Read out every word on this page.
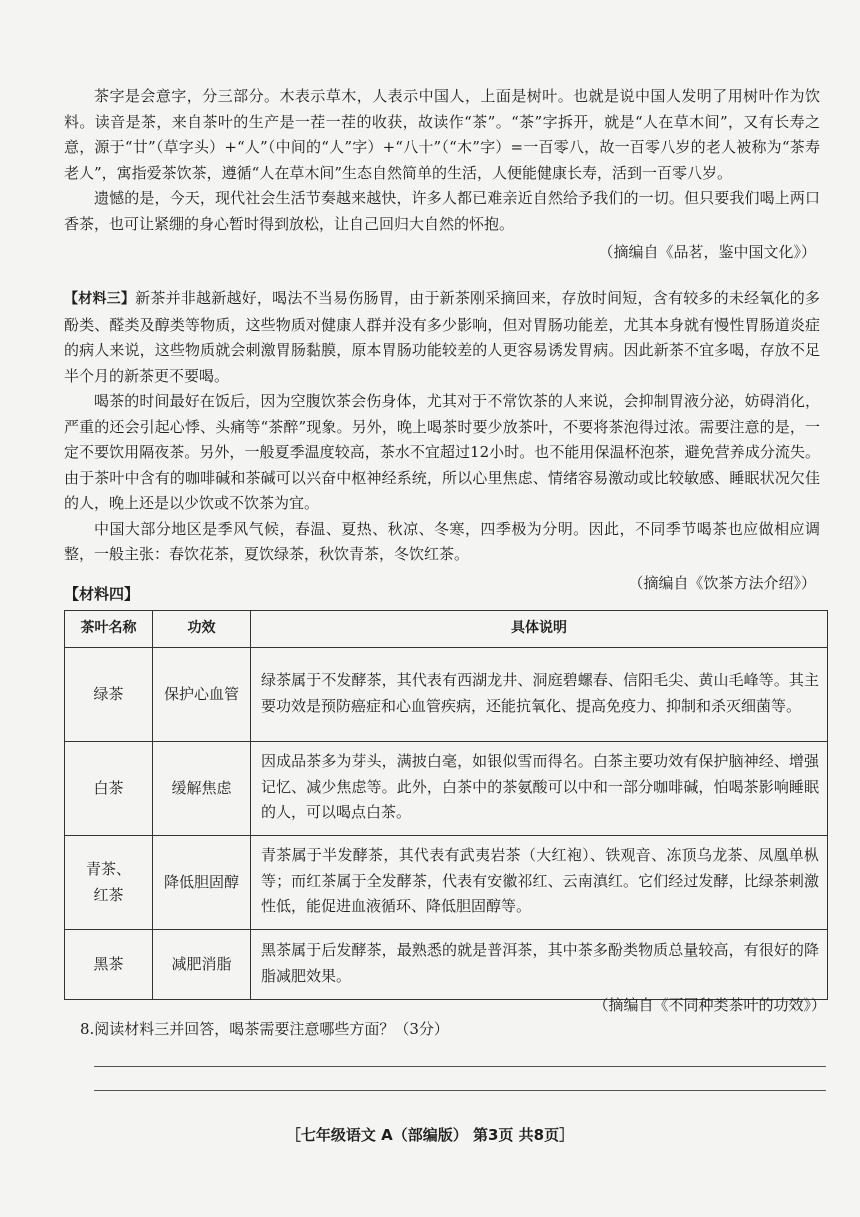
茶字是会意字，分三部分。木表示草木，人表示中国人，上面是树叶。也就是说中国人发明了用树叶作为饮料。读音是茶，来自茶叶的生产是一茬一茬的收获，故读作“茶”。“茶”字拆开，就是“人在草木间”，又有长寿之意，源于“廿”（草字头）+“人”（中间的“人”字）+“八十”（“木”字）=一百零八，故一百零八岁的老人被称为“茶寿老人”，寓指爱茶饮茶，遵循“人在草木间”生态自然简单的生活，人便能健康长寿，活到一百零八岁。

遗憾的是，今天，现代社会生活节奏越来越快，许多人都已难亲近自然给予我们的一切。但只要我们喝上两口香茶，也可让紧绷的身心暂时得到放松，让自己回归大自然的怀抱。

（摘编自《品茗，鉴中国文化》）

【材料三】新茶并非越新越好，喝法不当易伤肠胃，由于新茶刚采摘回来，存放时间短，含有较多的未经氧化的多酚类、醛类及醇类等物质，这些物质对健康人群并没有多少影响，但对胃肠功能差，尤其本身就有慢性胃肠道炎症的病人来说，这些物质就会刺激胃肠黏膜，原本胃肠功能较差的人更容易诱发胃病。因此新茶不宜多喝，存放不足半个月的新茶更不要喝。

喝茶的时间最好在饭后，因为空腹饮茶会伤身体，尤其对于不常饮茶的人来说，会抑制胃液分泌，妨碍消化，严重的还会引起心悸、头痛等“茶醉”现象。另外，晚上喝茶时要少放茶叶，不要将茶泡得过浓。需要注意的是，一定不要饮用隔夜茶。另外，一般夏季温度较高，茶水不宜超过12小时。也不能用保温杯泡茶，避免营养成分流失。由于茶叶中含有的咖啡碱和茶碱可以兴奋中枢神经系统，所以心里焦虑、情绪容易激动或比较敏感、睡眠状况欠佳的人，晚上还是以少饮或不饮茶为宜。

中国大部分地区是季风气候，春温、夏热、秋凉、冬寒，四季极为分明。因此，不同季节喝茶也应做相应调整，一般主张：春饮花茶，夏饮绿茶，秋饮青茶，冬饮红茶。

（摘编自《饮茶方法介绍》）

【材料四】
茶叶名称	功效	具体说明
绿茶	保护心血管	绿茶属于不发酵茶，其代表有西湖龙井、洞庭碧螺春、信阳毛尖、黄山毛峰等。其主要功效是预防癌症和心血管疾病，还能抗氧化、提高免疫力、抑制和杀灭细菌等。
白茶	缓解焦虑	因成品茶多为芽头，满披白毫，如银似雪而得名。白茶主要功效有保护脑神经、增强记忆、减少焦虑等。此外，白茶中的茶氨酸可以中和一部分咖啡碱，怕喝茶影响睡眠的人，可以喝点白茶。
青茶、红茶	降低胆固醇	青茶属于半发酵茶，其代表有武夷岩茶（大红袍）、铁观音、冻顶乌龙茶、凤凰单枞等；而红茶属于全发酵茶，代表有安徽祁红、云南滇红。它们经过发酵，比绿茶刺激性低，能促进血液循环、降低胆固醇等。
黑茶	减肥消脂	黑茶属于后发酵茶，最熟悉的就是普洱茶，其中茶多酚类物质总量较高，有很好的降脂减肥效果。
（摘编自《不同种类茶叶的功效》）
8.阅读材料三并回答，喝茶需要注意哪些方面？（3分）
［七年级语文 A（部编版） 第3页 共8页］
